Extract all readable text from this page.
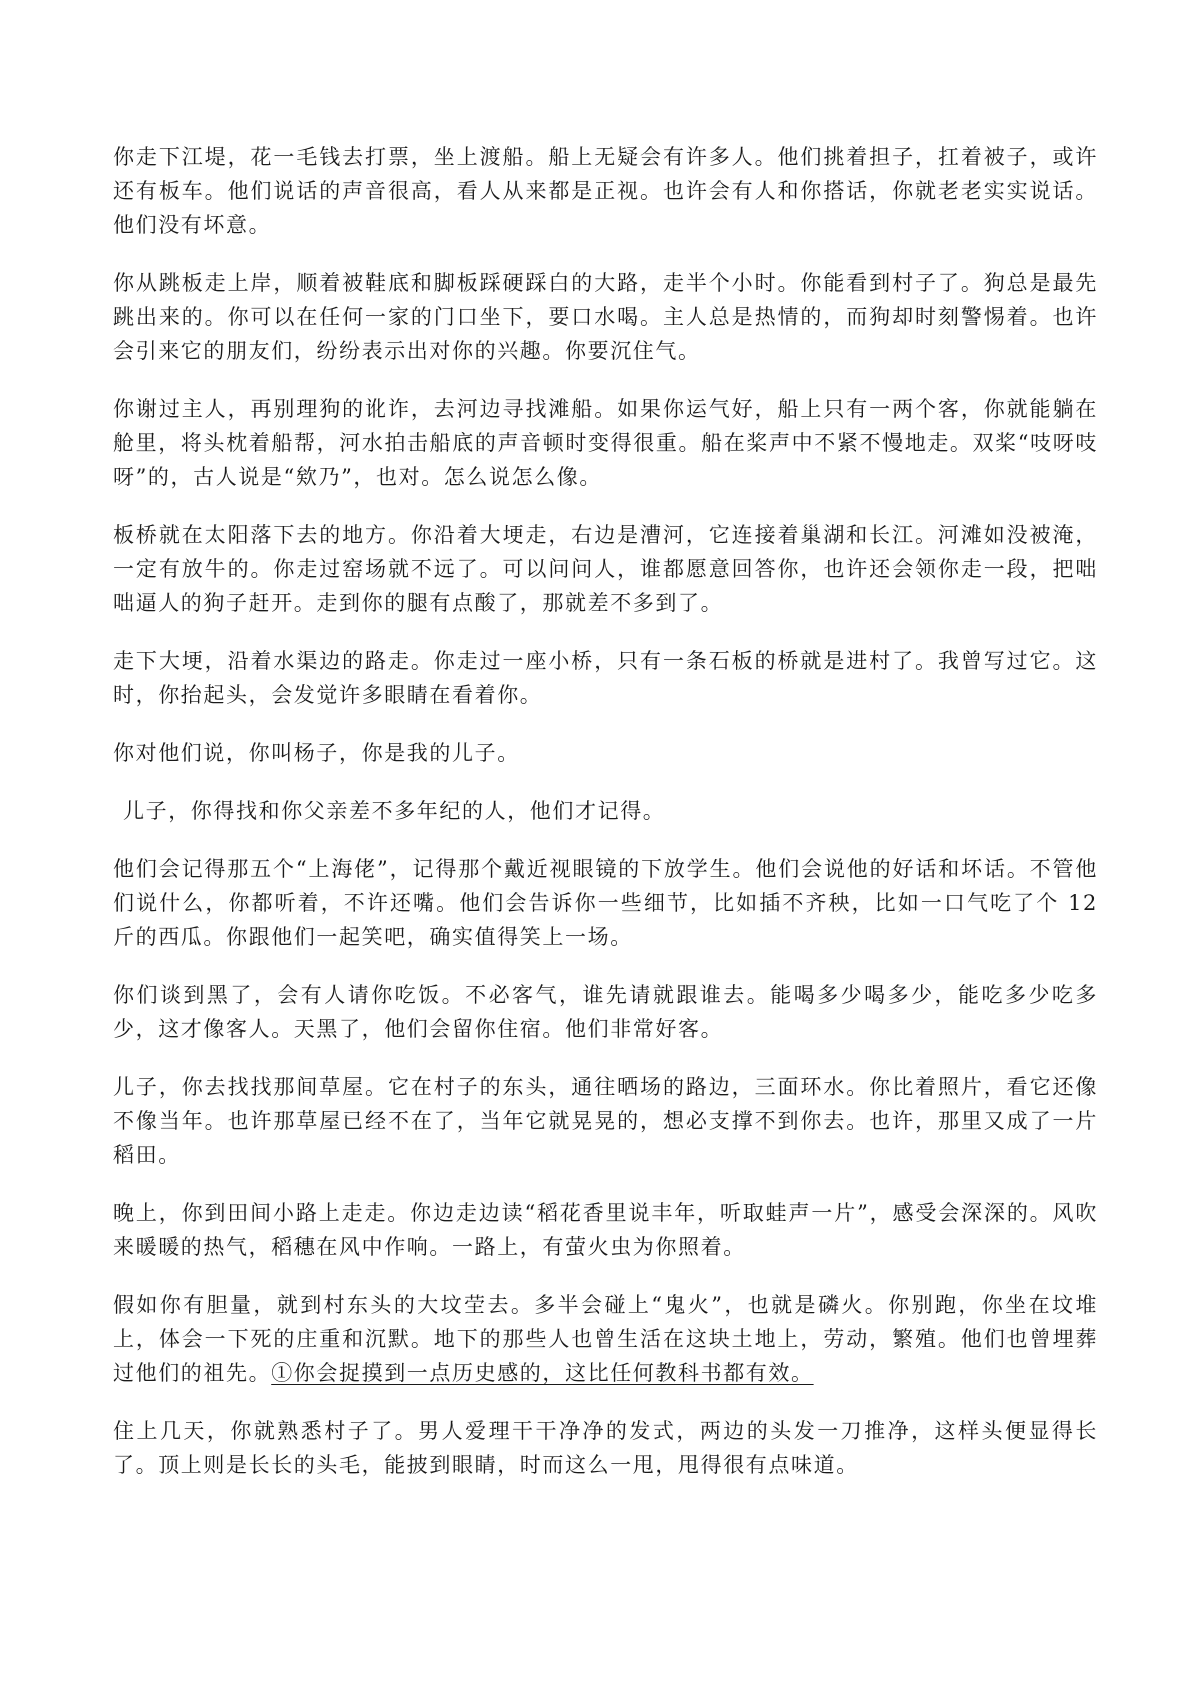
你走下江堤，花一毛钱去打票，坐上渡船。船上无疑会有许多人。他们挑着担子，扛着被子，或许还有板车。他们说话的声音很高，看人从来都是正视。也许会有人和你搭话，你就老老实实说话。他们没有坏意。

你从跳板走上岸，顺着被鞋底和脚板踩硬踩白的大路，走半个小时。你能看到村子了。狗总是最先跳出来的。你可以在任何一家的门口坐下，要口水喝。主人总是热情的，而狗却时刻警惕着。也许会引来它的朋友们，纷纷表示出对你的兴趣。你要沉住气。

你谢过主人，再别理狗的讹诈，去河边寻找滩船。如果你运气好，船上只有一两个客，你就能躺在舱里，将头枕着船帮，河水拍击船底的声音顿时变得很重。船在桨声中不紧不慢地走。双桨“吱呀吱呀”的，古人说是“欸乃”，也对。怎么说怎么像。

板桥就在太阳落下去的地方。你沿着大埂走，右边是漕河，它连接着巢湖和长江。河滩如没被淹，一定有放牛的。你走过窑场就不远了。可以问问人，谁都愿意回答你，也许还会领你走一段，把咄咄逼人的狗子赶开。走到你的腿有点酸了，那就差不多到了。

走下大埂，沿着水渠边的路走。你走过一座小桥，只有一条石板的桥就是进村了。我曾写过它。这时，你抬起头，会发觉许多眼睛在看着你。

你对他们说，你叫杨子，你是我的儿子。

儿子，你得找和你父亲差不多年纪的人，他们才记得。

他们会记得那五个“上海佬”，记得那个戴近视眼镜的下放学生。他们会说他的好话和坏话。不管他们说什么，你都听着，不许还嘴。他们会告诉你一些细节，比如插不齐秧，比如一口气吃了个 12 斤的西瓜。你跟他们一起笑吧，确实值得笑上一场。

你们谈到黑了，会有人请你吃饭。不必客气，谁先请就跟谁去。能喝多少喝多少，能吃多少吃多少，这才像客人。天黑了，他们会留你住宿。他们非常好客。

儿子，你去找找那间草屋。它在村子的东头，通往晒场的路边，三面环水。你比着照片，看它还像不像当年。也许那草屋已经不在了，当年它就晃晃的，想必支撑不到你去。也许，那里又成了一片稻田。

晚上，你到田间小路上走走。你边走边读“稻花香里说丰年，听取蛙声一片”，感受会深深的。风吹来暖暖的热气，稻穗在风中作响。一路上，有萤火虫为你照着。

假如你有胆量，就到村东头的大坟茔去。多半会碰上“鬼火”，也就是磷火。你别跑，你坐在坟堆上，体会一下死的庄重和沉默。地下的那些人也曾生活在这块土地上，劳动，繁殖。他们也曾埋葬过他们的祖先。①你会捉摸到一点历史感的，这比任何教科书都有效。

住上几天，你就熟悉村子了。男人爱理干干净净的发式，两边的头发一刀推净，这样头便显得长了。顶上则是长长的头毛，能披到眼睛，时而这么一甩，甩得很有点味道。
